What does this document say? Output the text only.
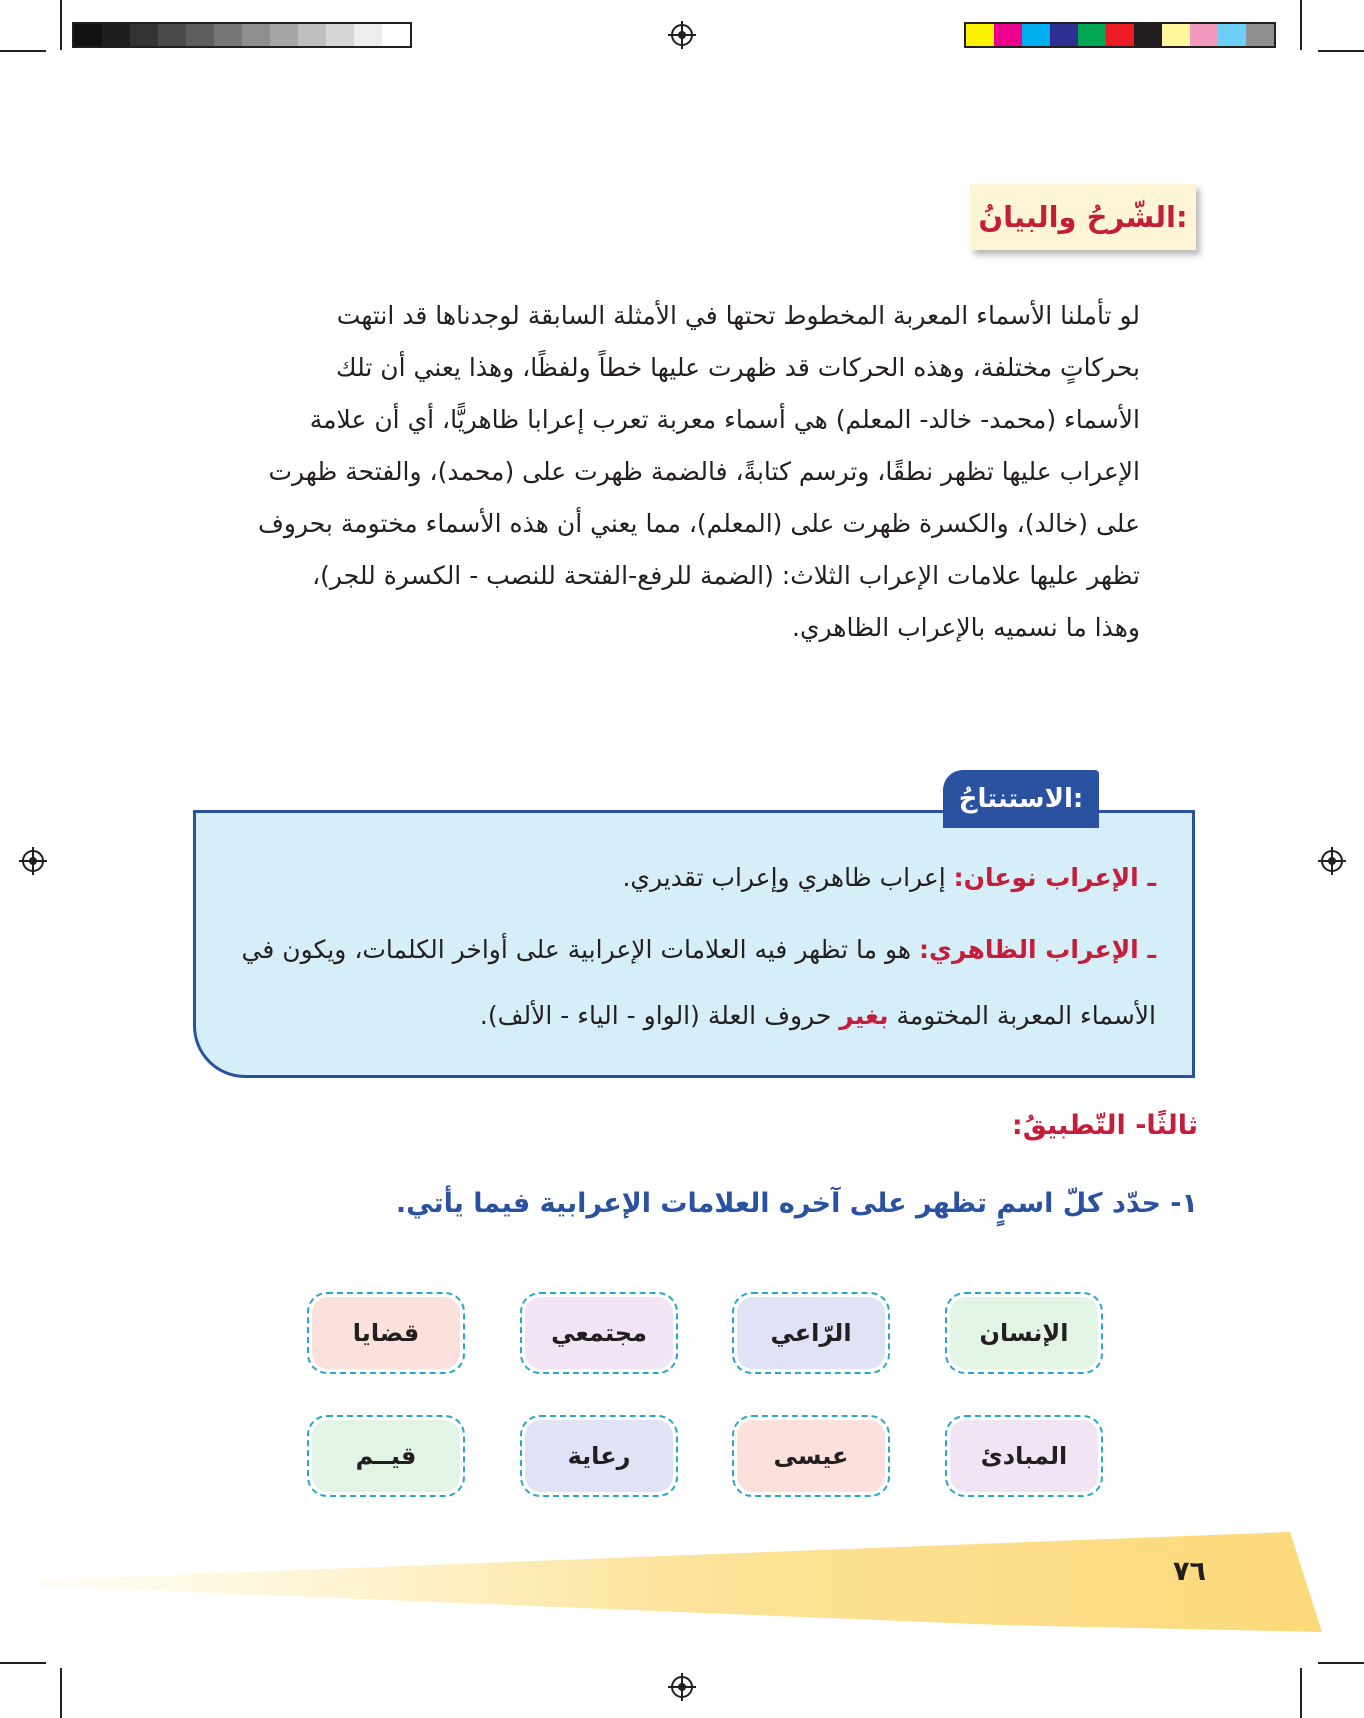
الشّرحُ والبيانُ:
لو تأملنا الأسماء المعربة المخطوط تحتها في الأمثلة السابقة لوجدناها قد انتهت
بحركاتٍ مختلفة، وهذه الحركات قد ظهرت عليها خطاً ولفظًا، وهذا يعني أن تلك
الأسماء (محمد- خالد- المعلم) هي أسماء معربة تعرب إعرابا ظاهريًّا، أي أن علامة
الإعراب عليها تظهر نطقًا، وترسم كتابةً، فالضمة ظهرت على (محمد)، والفتحة ظهرت
على (خالد)، والكسرة ظهرت على (المعلم)، مما يعني أن هذه الأسماء مختومة بحروف
تظهر عليها علامات الإعراب الثلاث: (الضمة للرفع-الفتحة للنصب - الكسرة للجر)،
وهذا ما نسميه بالإعراب الظاهري.
ـ الإعراب نوعان: إعراب ظاهري وإعراب تقديري.
ـ الإعراب الظاهري: هو ما تظهر فيه العلامات الإعرابية على أواخر الكلمات، ويكون في
الأسماء المعربة المختومة بغير حروف العلة (الواو - الياء - الألف).
الاستنتاجُ:
ثالثًا- التّطبيقُ:
١- حدّد كلّ اسمٍ تظهر على آخره العلامات الإعرابية فيما يأتي.
الإنسان
الرّاعي
مجتمعي
قضايا
المبادئ
عيسى
رعاية
قيــم
٧٦
